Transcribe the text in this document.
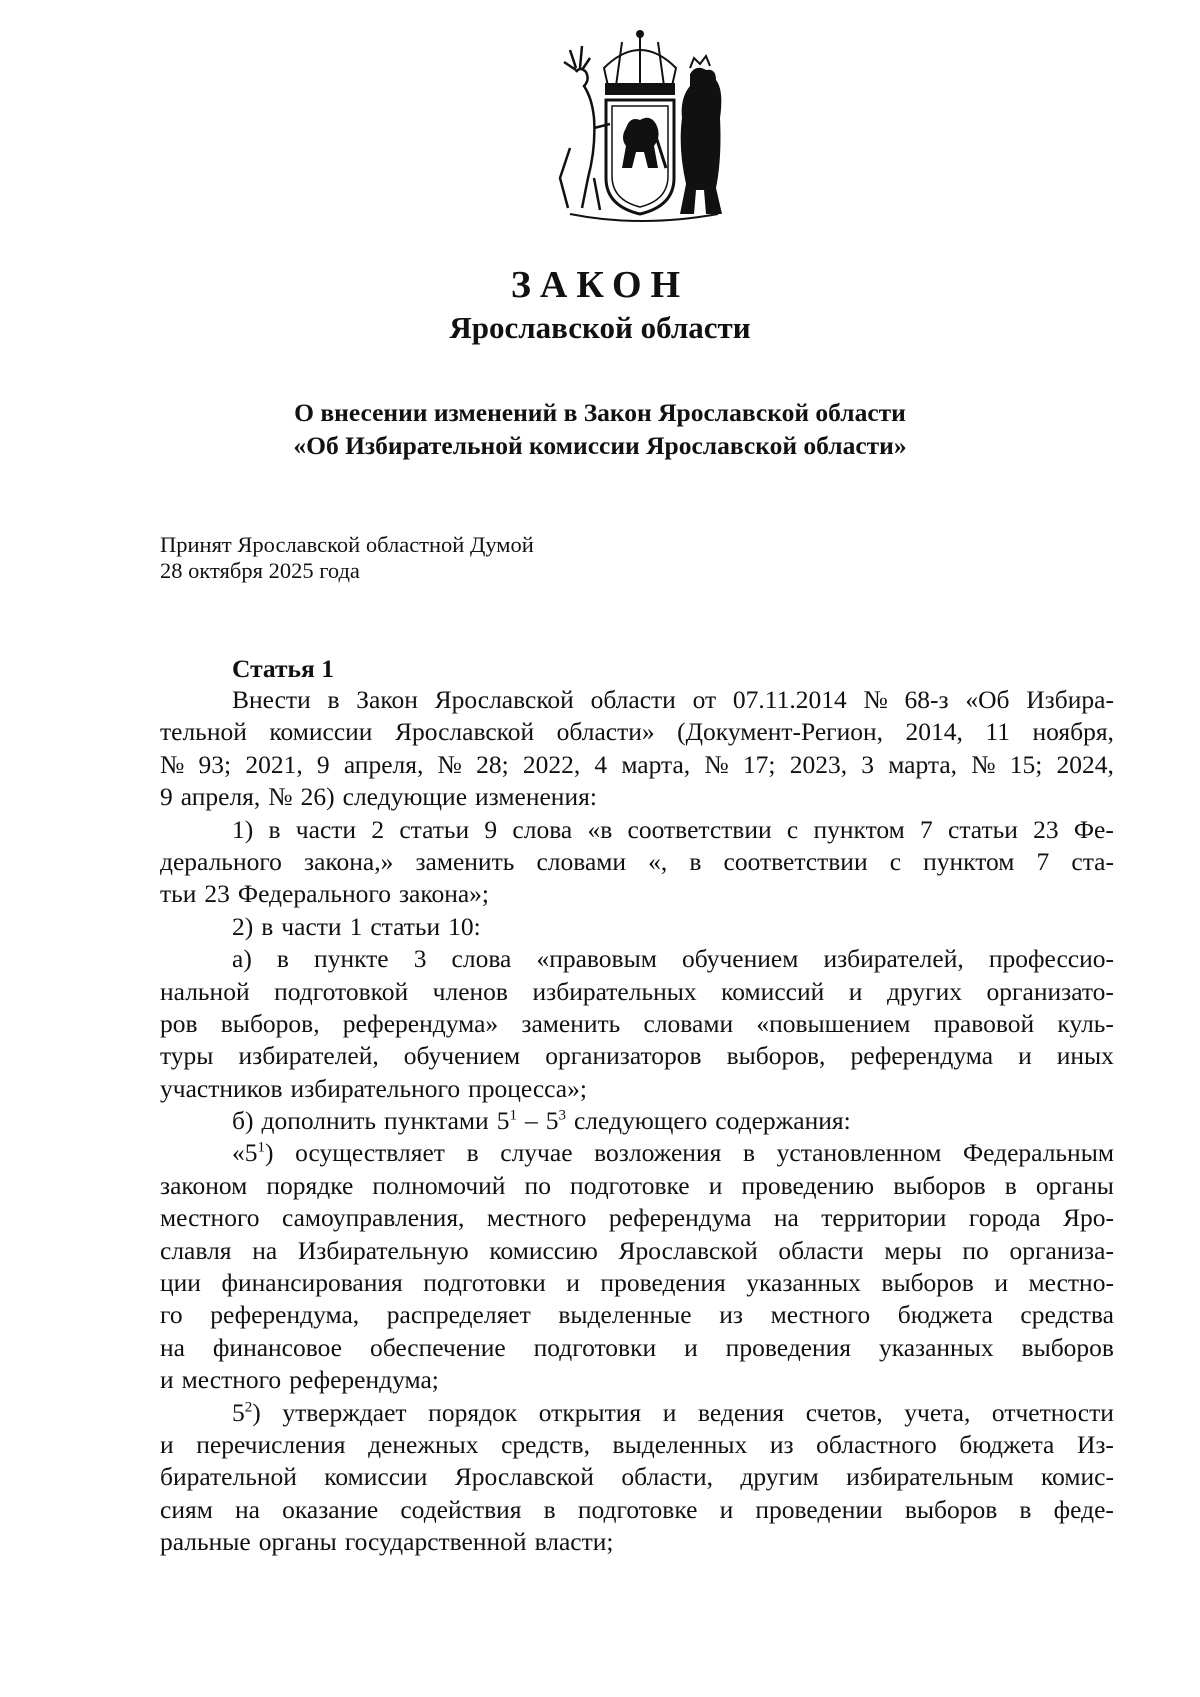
ЗАКОН
Ярославской области
О внесении изменений в Закон Ярославской области
«Об Избирательной комиссии Ярославской области»
Принят Ярославской областной Думой
28 октября 2025 года
Статья 1
Внести в Закон Ярославской области от 07.11.2014 № 68-з «Об Избира-
тельной комиссии Ярославской области» (Документ-Регион, 2014, 11 ноября,
№ 93; 2021, 9 апреля, № 28; 2022, 4 марта, № 17; 2023, 3 марта, № 15; 2024,
9 апреля, № 26) следующие изменения:
1) в части 2 статьи 9 слова «в соответствии с пунктом 7 статьи 23 Фе-
дерального закона,» заменить словами «, в соответствии с пунктом 7 ста-
тьи 23 Федерального закона»;
2) в части 1 статьи 10:
а) в пункте 3 слова «правовым обучением избирателей, профессио-
нальной подготовкой членов избирательных комиссий и других организато-
ров выборов, референдума» заменить словами «повышением правовой куль-
туры избирателей, обучением организаторов выборов, референдума и иных
участников избирательного процесса»;
б) дополнить пунктами $5^1 - 5^3$ следующего содержания:
«$5^1$) осуществляет в случае возложения в установленном Федеральным
законом порядке полномочий по подготовке и проведению выборов в органы
местного самоуправления, местного референдума на территории города Яро-
славля на Избирательную комиссию Ярославской области меры по организа-
ции финансирования подготовки и проведения указанных выборов и местно-
го референдума, распределяет выделенные из местного бюджета средства
на финансовое обеспечение подготовки и проведения указанных выборов
и местного референдума;
$5^2$) утверждает порядок открытия и ведения счетов, учета, отчетности
и перечисления денежных средств, выделенных из областного бюджета Из-
бирательной комиссии Ярославской области, другим избирательным комис-
сиям на оказание содействия в подготовке и проведении выборов в феде-
ральные органы государственной власти;
